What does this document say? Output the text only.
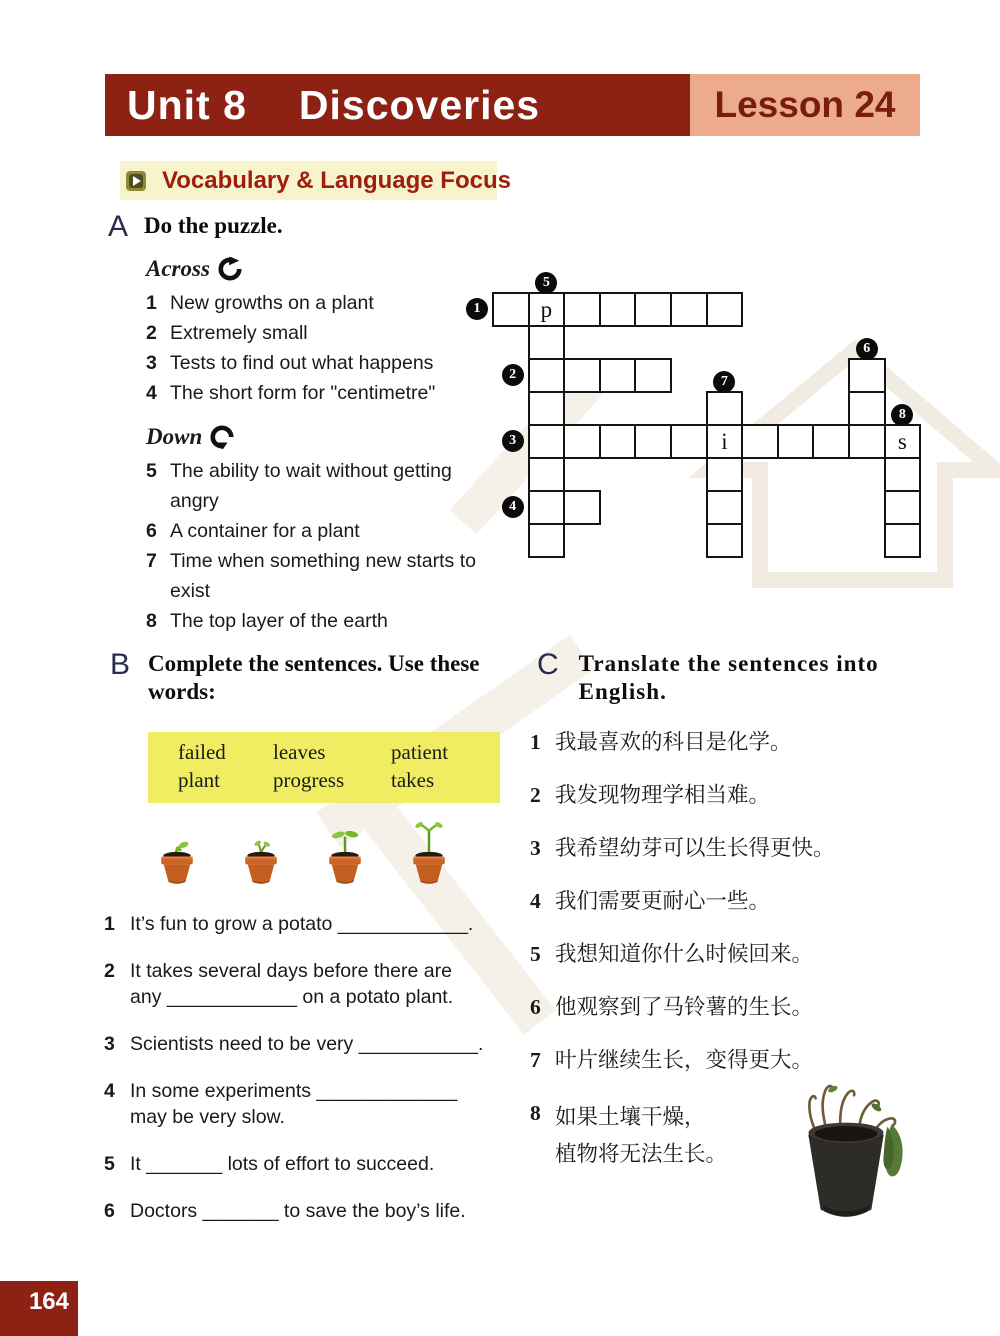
Unit 8 Discoveries	Lesson 24
Vocabulary & Language Focus
A Do the puzzle.
Across
1 New growths on a plant
2 Extremely small
3 Tests to find out what happens
4 The short form for "centimetre"
Down
5 The ability to wait without getting angry
6 A container for a plant
7 Time when something new starts to exist
8 The top layer of the earth
p
i	s
1
5
2
6
7
3
8
4
B Complete the sentences. Use these
words:
failed	leaves	patient
plant	progress	takes
1 It’s fun to grow a potato ____________.
2 It takes several days before there are
any ____________ on a potato plant.
3 Scientists need to be very ___________.
4 In some experiments _____________
may be very slow.
5 It _______ lots of effort to succeed.
6 Doctors _______ to save the boy’s life.
C Translate the sentences into
English.
1 我最喜欢的科目是化学。
2 我发现物理学相当难。
3 我希望幼芽可以生长得更快。
4 我们需要更耐心一些。
5 我想知道你什么时候回来。
6 他观察到了马铃薯的生长。
7 叶片继续生长，变得更大。
8 如果土壤干燥，
植物将无法生长。
164
